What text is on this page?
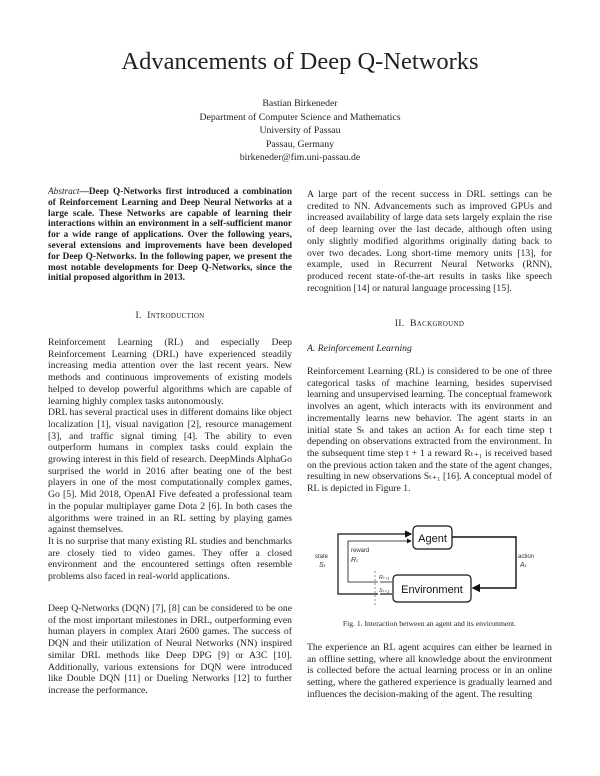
Advancements of Deep Q-Networks
Bastian Birkeneder
Department of Computer Science and Mathematics
University of Passau
Passau, Germany
birkeneder@fim.uni-passau.de
Abstract—Deep Q-Networks first introduced a combination of Reinforcement Learning and Deep Neural Networks at a large scale. These Networks are capable of learning their interactions within an environment in a self-sufficient manor for a wide range of applications. Over the following years, several extensions and improvements have been developed for Deep Q-Networks. In the following paper, we present the most notable developments for Deep Q-Networks, since the initial proposed algorithm in 2013.
I. Introduction

Reinforcement Learning (RL) and especially Deep Reinforcement Learning (DRL) have experienced steadily increasing media attention over the last recent years. New methods and continuous improvements of existing models helped to develop powerful algorithms which are capable of learning highly complex tasks autonomously.

DRL has several practical uses in different domains like object localization [1], visual navigation [2], resource management [3], and traffic signal timing [4]. The ability to even outperform humans in complex tasks could explain the growing interest in this field of research. DeepMinds AlphaGo surprised the world in 2016 after beating one of the best players in one of the most computationally complex games, Go [5]. Mid 2018, OpenAI Five defeated a professional team in the popular multiplayer game Dota 2 [6]. In both cases the algorithms were trained in an RL setting by playing games against themselves.

It is no surprise that many existing RL studies and benchmarks are closely tied to video games. They offer a closed environment and the encountered settings often resemble problems also faced in real-world applications.

Deep Q-Networks (DQN) [7], [8] can be considered to be one of the most important milestones in DRL, outperforming even human players in complex Atari 2600 games. The success of DQN and their utilization of Neural Networks (NN) inspired similar DRL methods like Deep DPG [9] or A3C [10]. Additionally, various extensions for DQN were introduced like Double DQN [11] or Dueling Networks [12] to further increase the performance.

A large part of the recent success in DRL settings can be credited to NN. Advancements such as improved GPUs and increased availability of large data sets largely explain the rise of deep learning over the last decade, although often using only slightly modified algorithms originally dating back to over two decades. Long short-time memory units [13], for example, used in Recurrent Neural Networks (RNN), produced recent state-of-the-art results in tasks like speech recognition [14] or natural language processing [15].

II. Background
A. Reinforcement Learning

Reinforcement Learning (RL) is considered to be one of three categorical tasks of machine learning, besides supervised learning and unsupervised learning. The conceptual framework involves an agent, which interacts with its environment and incrementally learns new behavior. The agent starts in an initial state Sₜ and takes an action Aₜ for each time step t depending on observations extracted from the environment. In the subsequent time step t + 1 a reward Rₜ₊₁ is received based on the previous action taken and the state of the agent changes, resulting in new observations Sₜ₊₁ [16]. A conceptual model of RL is depicted in Figure 1.

Agent
Environment
state
Sₜ
reward
Rₜ	action
Aₜ
Rₜ₊₁
Sₜ₊₁
Fig. 1. Interaction between an agent and its environment.

The experience an RL agent acquires can either be learned in an offline setting, where all knowledge about the environment is collected before the actual learning process or in an online setting, where the gathered experience is gradually learned and influences the decision-making of the agent. The resulting
